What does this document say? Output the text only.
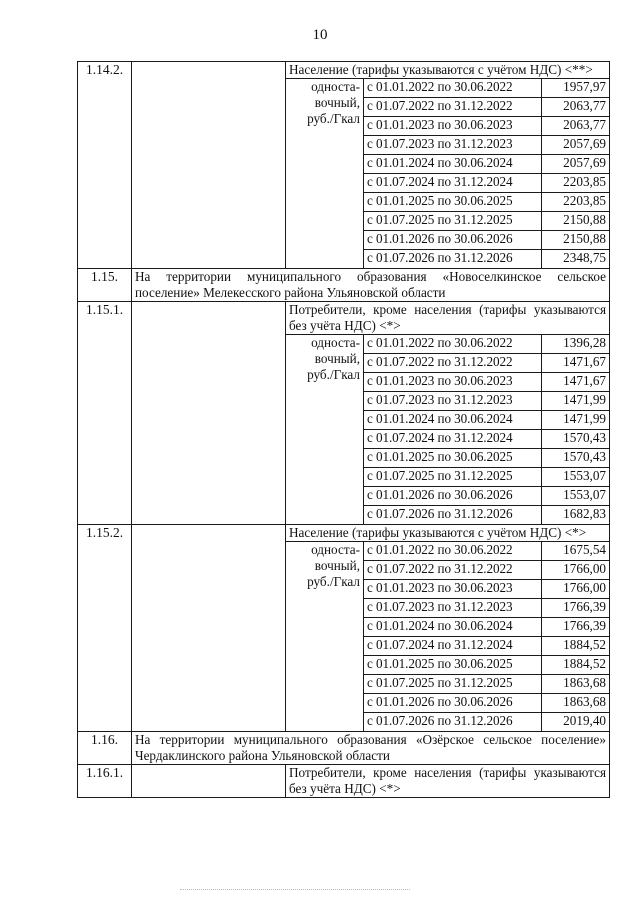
10
1.14.2.		Население (тарифы указываются с учётом НДС) <**>		
		односта-вочный, руб./Гкал	с 01.01.2022 по 30.06.2022	1957,97
			с 01.07.2022 по 31.12.2022	2063,77
			с 01.01.2023 по 30.06.2023	2063,77
			с 01.07.2023 по 31.12.2023	2057,69
			с 01.01.2024 по 30.06.2024	2057,69
			с 01.07.2024 по 31.12.2024	2203,85
			с 01.01.2025 по 30.06.2025	2203,85
			с 01.07.2025 по 31.12.2025	2150,88
			с 01.01.2026 по 30.06.2026	2150,88
			с 01.07.2026 по 31.12.2026	2348,75
1.15.	На территории муниципального образования «Новоселкинское сельское поселение» Мелекесского района Ульяновской области			
1.15.1.		Потребители, кроме населения (тарифы указываются без учёта НДС) <*>		
		односта-вочный, руб./Гкал	с 01.01.2022 по 30.06.2022	1396,28
			с 01.07.2022 по 31.12.2022	1471,67
			с 01.01.2023 по 30.06.2023	1471,67
			с 01.07.2023 по 31.12.2023	1471,99
			с 01.01.2024 по 30.06.2024	1471,99
			с 01.07.2024 по 31.12.2024	1570,43
			с 01.01.2025 по 30.06.2025	1570,43
			с 01.07.2025 по 31.12.2025	1553,07
			с 01.01.2026 по 30.06.2026	1553,07
			с 01.07.2026 по 31.12.2026	1682,83
1.15.2.		Население (тарифы указываются с учётом НДС) <*>		
		односта-вочный, руб./Гкал	с 01.01.2022 по 30.06.2022	1675,54
			с 01.07.2022 по 31.12.2022	1766,00
			с 01.01.2023 по 30.06.2023	1766,00
			с 01.07.2023 по 31.12.2023	1766,39
			с 01.01.2024 по 30.06.2024	1766,39
			с 01.07.2024 по 31.12.2024	1884,52
			с 01.01.2025 по 30.06.2025	1884,52
			с 01.07.2025 по 31.12.2025	1863,68
			с 01.01.2026 по 30.06.2026	1863,68
			с 01.07.2026 по 31.12.2026	2019,40
1.16.	На территории муниципального образования «Озёрское сельское поселение» Чердаклинского района Ульяновской области			
1.16.1.		Потребители, кроме населения (тарифы указываются без учёта НДС) <*>		
